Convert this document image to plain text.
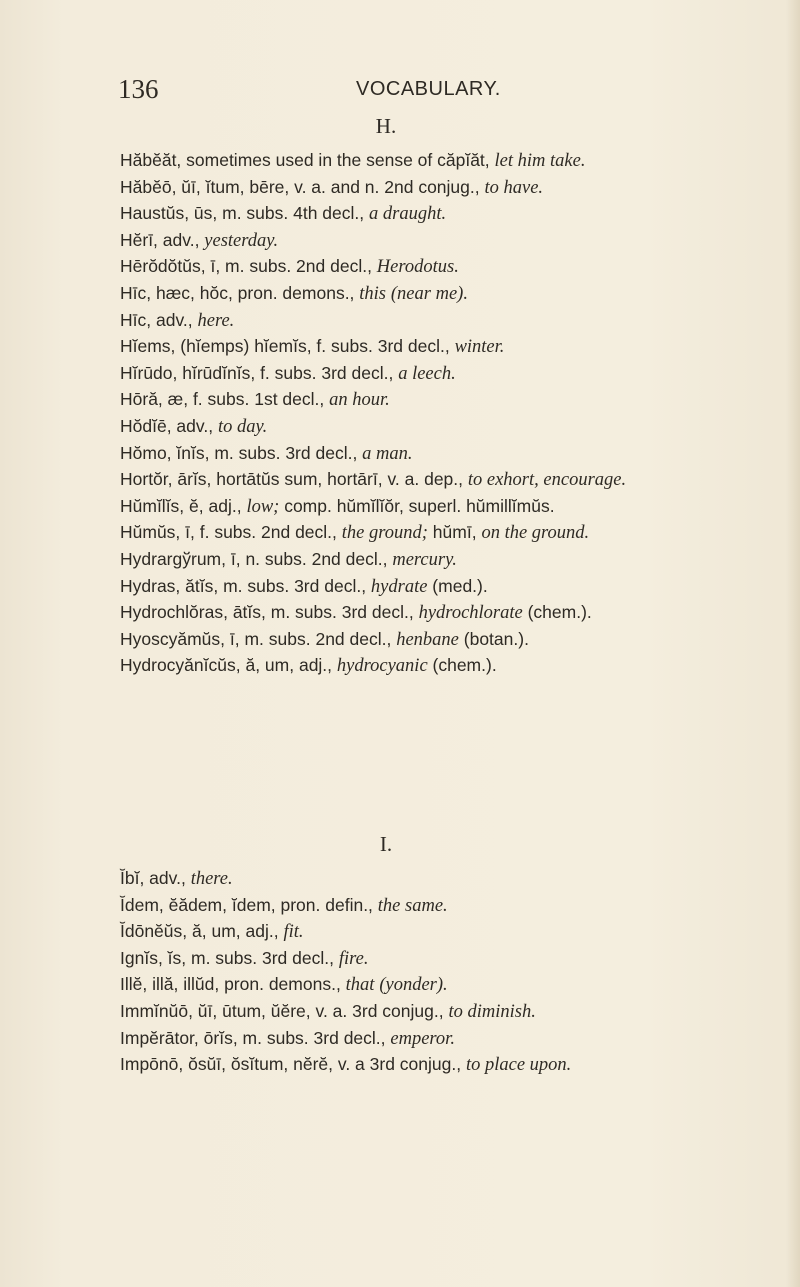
136	VOCABULARY.
H.
Hăbĕăt, sometimes used in the sense of căpĭăt, let him take.
Hăbĕō, ŭī, ĭtum, bēre, v. a. and n. 2nd conjug., to have.
Haustŭs, ūs, m. subs. 4th decl., a draught.
Hĕrī, adv., yesterday.
Hērŏdŏtŭs, ī, m. subs. 2nd decl., Herodotus.
Hīc, hæc, hŏc, pron. demons., this (near me).
Hīc, adv., here.
Hĭems, (hĭemps) hĭemĭs, f. subs. 3rd decl., winter.
Hĭrūdo, hĭrūdĭnĭs, f. subs. 3rd decl., a leech.
Hōră, æ, f. subs. 1st decl., an hour.
Hŏdĭē, adv., to day.
Hŏmo, ĭnĭs, m. subs. 3rd decl., a man.
Hortŏr, ārĭs, hortātŭs sum, hortārī, v. a. dep., to exhort, encourage.
Hŭmĭlĭs, ĕ, adj., low; comp. hŭmĭlĭŏr, superl. hŭmillĭmŭs.
Hŭmŭs, ī, f. subs. 2nd decl., the ground; hŭmī, on the ground.
Hydrargўrum, ī, n. subs. 2nd decl., mercury.
Hydras, ătĭs, m. subs. 3rd decl., hydrate (med.).
Hydrochlŏras, ātĭs, m. subs. 3rd decl., hydrochlorate (chem.).
Hyoscyămŭs, ī, m. subs. 2nd decl., henbane (botan.).
Hydrocyănĭcŭs, ă, um, adj., hydrocyanic (chem.).
I.
Ĭbĭ, adv., there.
Ĭdem, ĕădem, ĭdem, pron. defin., the same.
Ĭdōnĕŭs, ă, um, adj., fit.
Ignĭs, ĭs, m. subs. 3rd decl., fire.
Illĕ, illă, illŭd, pron. demons., that (yonder).
Immĭnŭō, ŭī, ūtum, ŭĕre, v. a. 3rd conjug., to diminish.
Impĕrātor, ōrĭs, m. subs. 3rd decl., emperor.
Impōnō, ŏsŭī, ŏsĭtum, nĕrĕ, v. a 3rd conjug., to place upon.
